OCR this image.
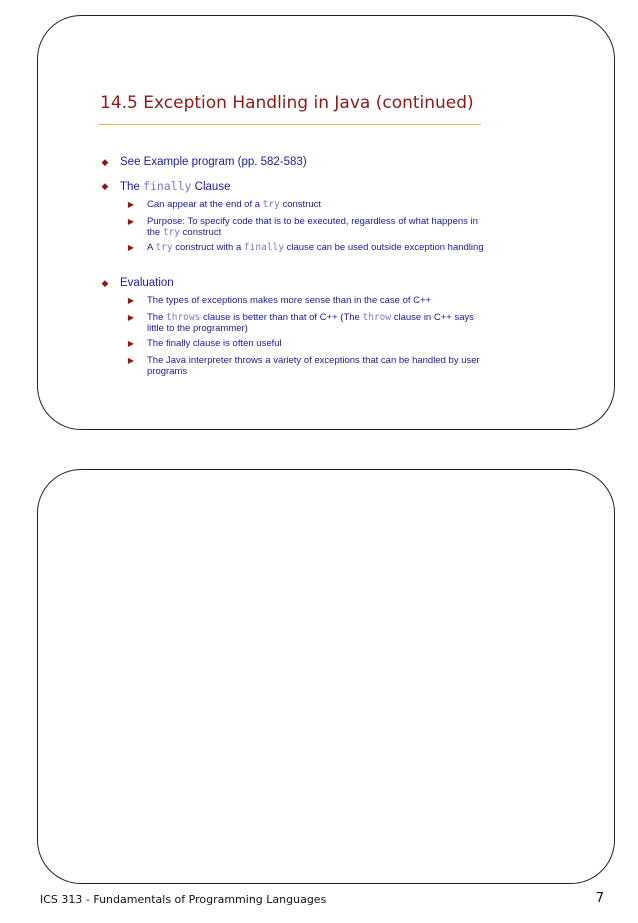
14.5 Exception Handling in Java (continued)
◆ See Example program (pp. 582-583)
◆ The finally Clause
▶ Can appear at the end of a try construct
▶ Purpose: To specify code that is to be executed, regardless of what happens in the try construct
▶ A try construct with a finally clause can be used outside exception handling
◆ Evaluation
▶ The types of exceptions makes more sense than in the case of C++
▶ The throws clause is better than that of C++ (The throw clause in C++ says little to the programmer)
▶ The finally clause is often useful
▶ The Java interpreter throws a variety of exceptions that can be handled by user programs
ICS 313 - Fundamentals of Programming Languages	7
